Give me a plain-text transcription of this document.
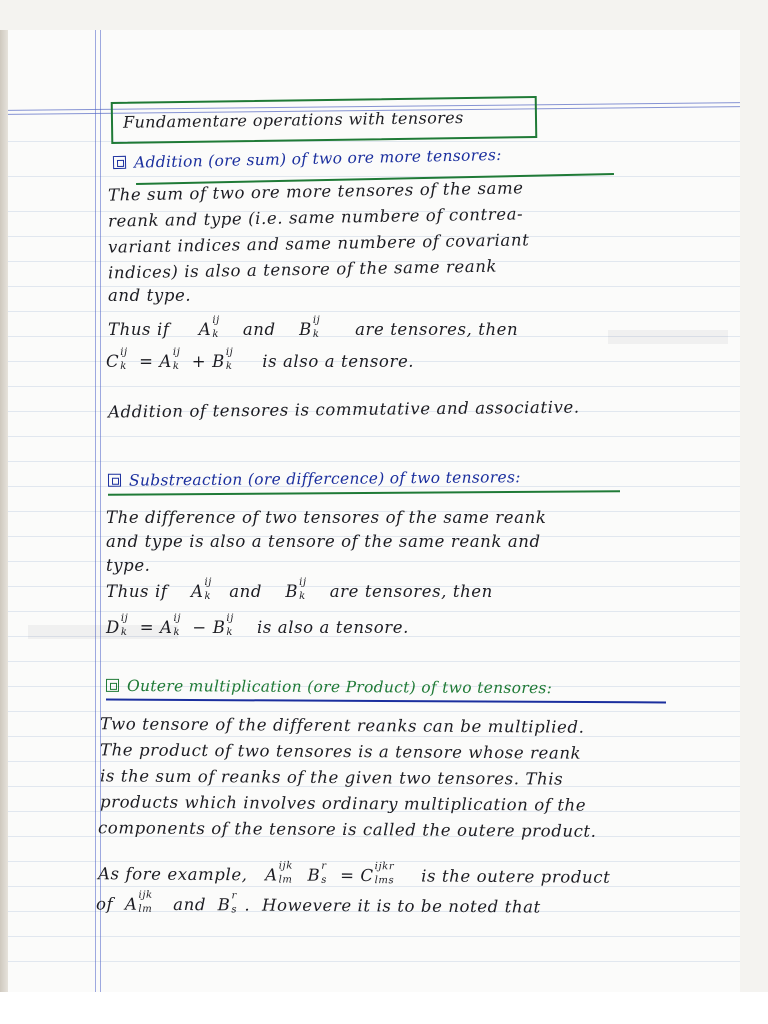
Fundamentare operations with tensores
Addition (ore sum) of two ore more tensores:
The sum of two ore more tensores of the same
reank and type (i.e. same numbere of contrea-
variant indices and same numbere of covariant
indices) is also a tensore of the same reank
and type.
Thus if A ij
k and B ij
k are tensores, then
C ij
k = A ij
k + B ij
k is also a tensore.
Addition of tensores is commutative and associative.
Substreaction (ore differcence) of two tensores:
The difference of two tensores of the same reank
and type is also a tensore of the same reank and
type.
Thus if A ij
k and B ij
k are tensores, then
D ij
k = A ij
k − B ij
k is also a tensore.
Outere multiplication (ore Product) of two tensores:
Two tensore of the different reanks can be multiplied.
The product of two tensores is a tensore whose reank
is the sum of reanks of the given two tensores. This
products which involves ordinary multiplication of the
components of the tensore is called the outere product.
As fore example, A ijk
lm B r
s = C ijkr
lms is the outere product
of A ijk
lm and B r
s .  Howevere it is to be noted that
